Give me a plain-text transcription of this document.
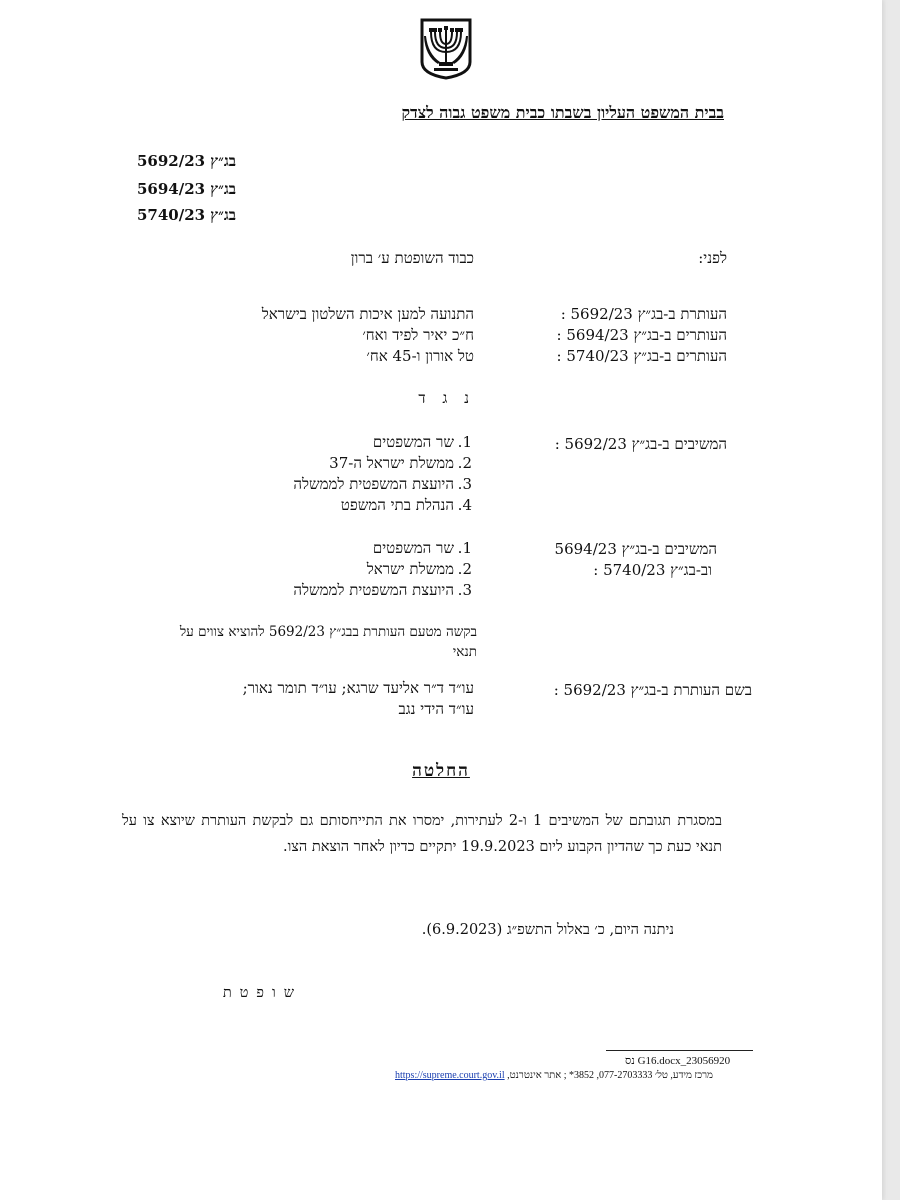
בבית המשפט העליון בשבתו כבית משפט גבוה לצדק
בג״ץ 5692/23
בג״ץ 5694/23
בג״ץ 5740/23
לפני:
כבוד השופטת ע׳ ברון
העותרת ב-בג״ץ 5692/23 :
התנועה למען איכות השלטון בישראל
העותרים ב-בג״ץ 5694/23 :
ח״כ יאיר לפיד ואח׳
העותרים ב-בג״ץ 5740/23 :
טל אורון ו-45 אח׳
נ ג ד
המשיבים ב-בג״ץ 5692/23 :
1.שר המשפטים
2.ממשלת ישראל ה-37
3.היועצת המשפטית לממשלה
4.הנהלת בתי המשפט
המשיבים ב-בג״ץ 5694/23
וב-בג״ץ 5740/23 :
1.שר המשפטים
2.ממשלת ישראל
3.היועצת המשפטית לממשלה
בקשה מטעם העותרת בבג״ץ 5692/23 להוציא צווים על תנאי
בשם העותרת ב-בג״ץ 5692/23 :
עו״ד ד״ר אליעד שרגא; עו״ד תומר נאור;
עו״ד הידי נגב
החלטה
במסגרת תגובתם של המשיבים 1 ו-2 לעתירות, ימסרו את התייחסותם גם לבקשת העותרת שיוצא צו על תנאי כעת כך שהדיון הקבוע ליום 19.9.2023 יתקיים כדיון לאחר הוצאת הצו.
ניתנה היום, כ׳ באלול התשפ״ג (6.9.2023).
שופטת
23056920_G16.docx נס
https://supreme.court.gov.il מרכז מידע, טל׳ 077-2703333, 3852* ; אתר אינטרנט,
